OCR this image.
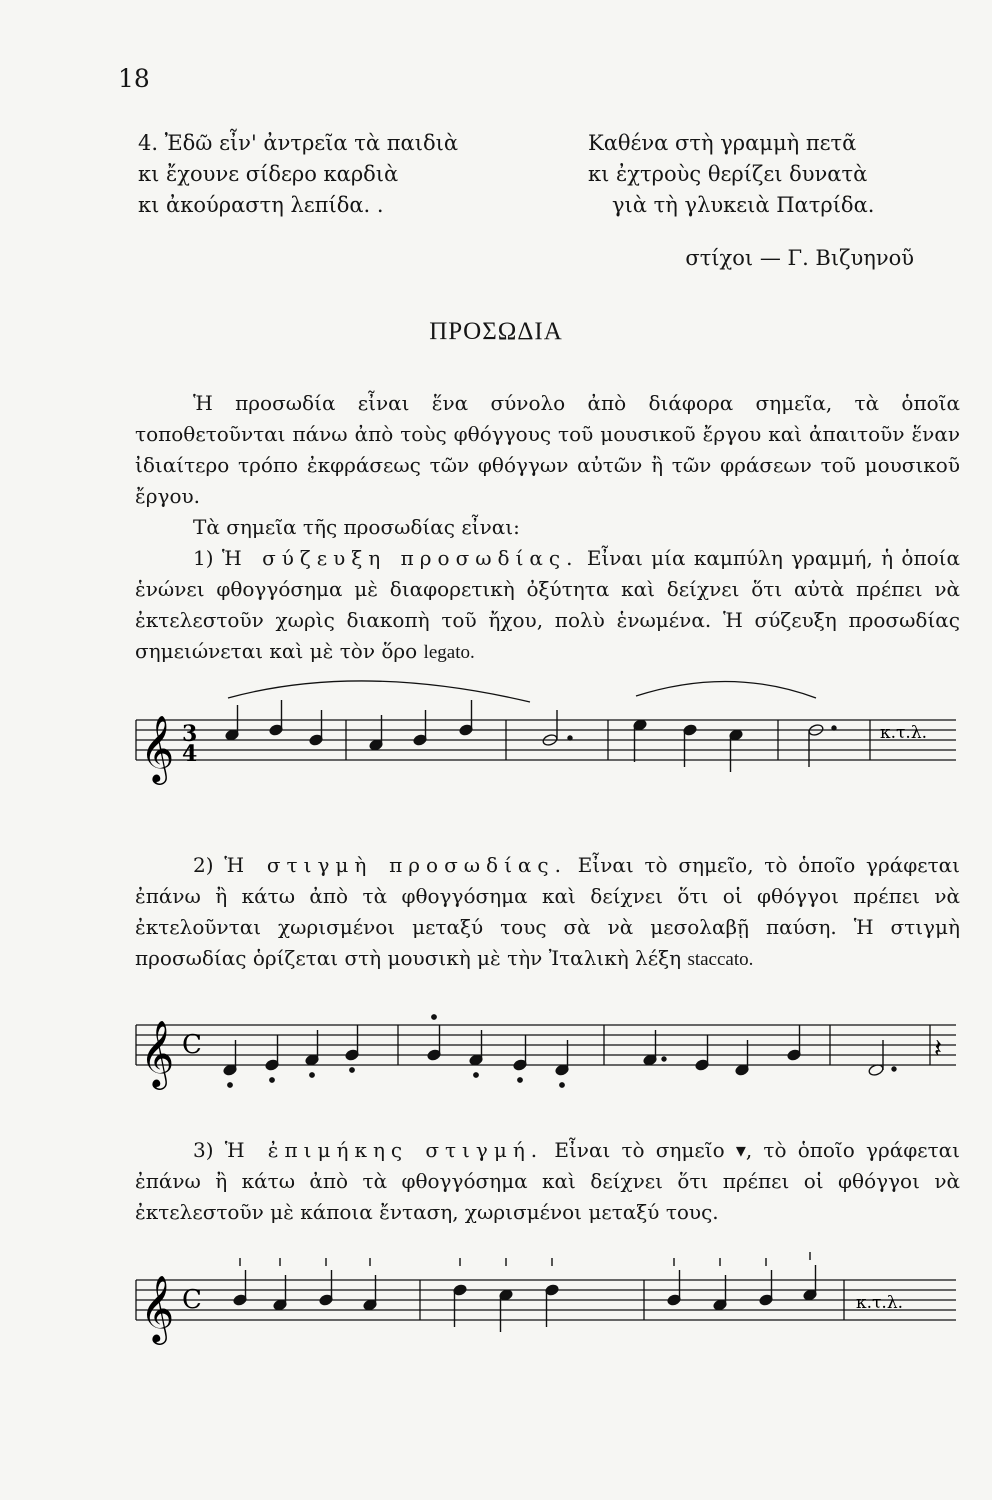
18
4. Ἐδῶ εἶν' ἀντρεῖα τὰ παιδιὰ
κι ἔχουνε σίδερο καρδιὰ
κι ἀκούραστη λεπίδα. .
Καθένα στὴ γραμμὴ πετᾶ
κι ἐχτροὺς θερίζει δυνατὰ
γιὰ τὴ γλυκειὰ Πατρίδα.
στίχοι — Γ. Βιζυηνοῦ
ΠΡΟΣΩΔΙΑ

Ἡ προσωδία εἶναι ἕνα σύνολο ἀπὸ διάφορα σημεῖα, τὰ ὁποῖα τοποθετοῦνται πάνω ἀπὸ τοὺς φθόγγους τοῦ μουσικοῦ ἔργου καὶ ἀπαιτοῦν ἕναν ἰδιαίτερο τρόπο ἐκφράσεως τῶν φθόγγων αὐτῶν ἢ τῶν φράσεων τοῦ μουσικοῦ ἔργου.

Τὰ σημεῖα τῆς προσωδίας εἶναι:

1) Ἡ σύζευξη προσωδίας. Εἶναι μία καμπύλη γραμμή, ἡ ὁποία ἑνώνει φθογγόσημα μὲ διαφορετικὴ ὀξύτητα καὶ δείχνει ὅτι αὐτὰ πρέπει νὰ ἐκτελεστοῦν χωρὶς διακοπὴ τοῦ ἤχου, πολὺ ἑνωμένα. Ἡ σύζευξη προσωδίας σημειώνεται καὶ μὲ τὸν ὅρο legato.

𝄞 3
4
κ.τ.λ.

2) Ἡ στιγμὴ προσωδίας. Εἶναι τὸ σημεῖο, τὸ ὁποῖο γράφεται ἐπάνω ἢ κάτω ἀπὸ τὰ φθογγόσημα καὶ δείχνει ὅτι οἱ φθόγγοι πρέπει νὰ ἐκτελοῦνται χωρισμένοι μεταξύ τους σὰ νὰ μεσολαβῇ παύση. Ἡ στιγμὴ προσωδίας ὁρίζεται στὴ μουσικὴ μὲ τὴν Ἰταλικὴ λέξη staccato.

𝄞 C	𝄽

3) Ἡ ἐπιμήκης στιγμή. Εἶναι τὸ σημεῖο ▾, τὸ ὁποῖο γράφεται ἐπάνω ἢ κάτω ἀπὸ τὰ φθογγόσημα καὶ δείχνει ὅτι πρέπει οἱ φθόγγοι νὰ ἐκτελεστοῦν μὲ κάποια ἔνταση, χωρισμένοι μεταξύ τους.

𝄞 C	κ.τ.λ.
